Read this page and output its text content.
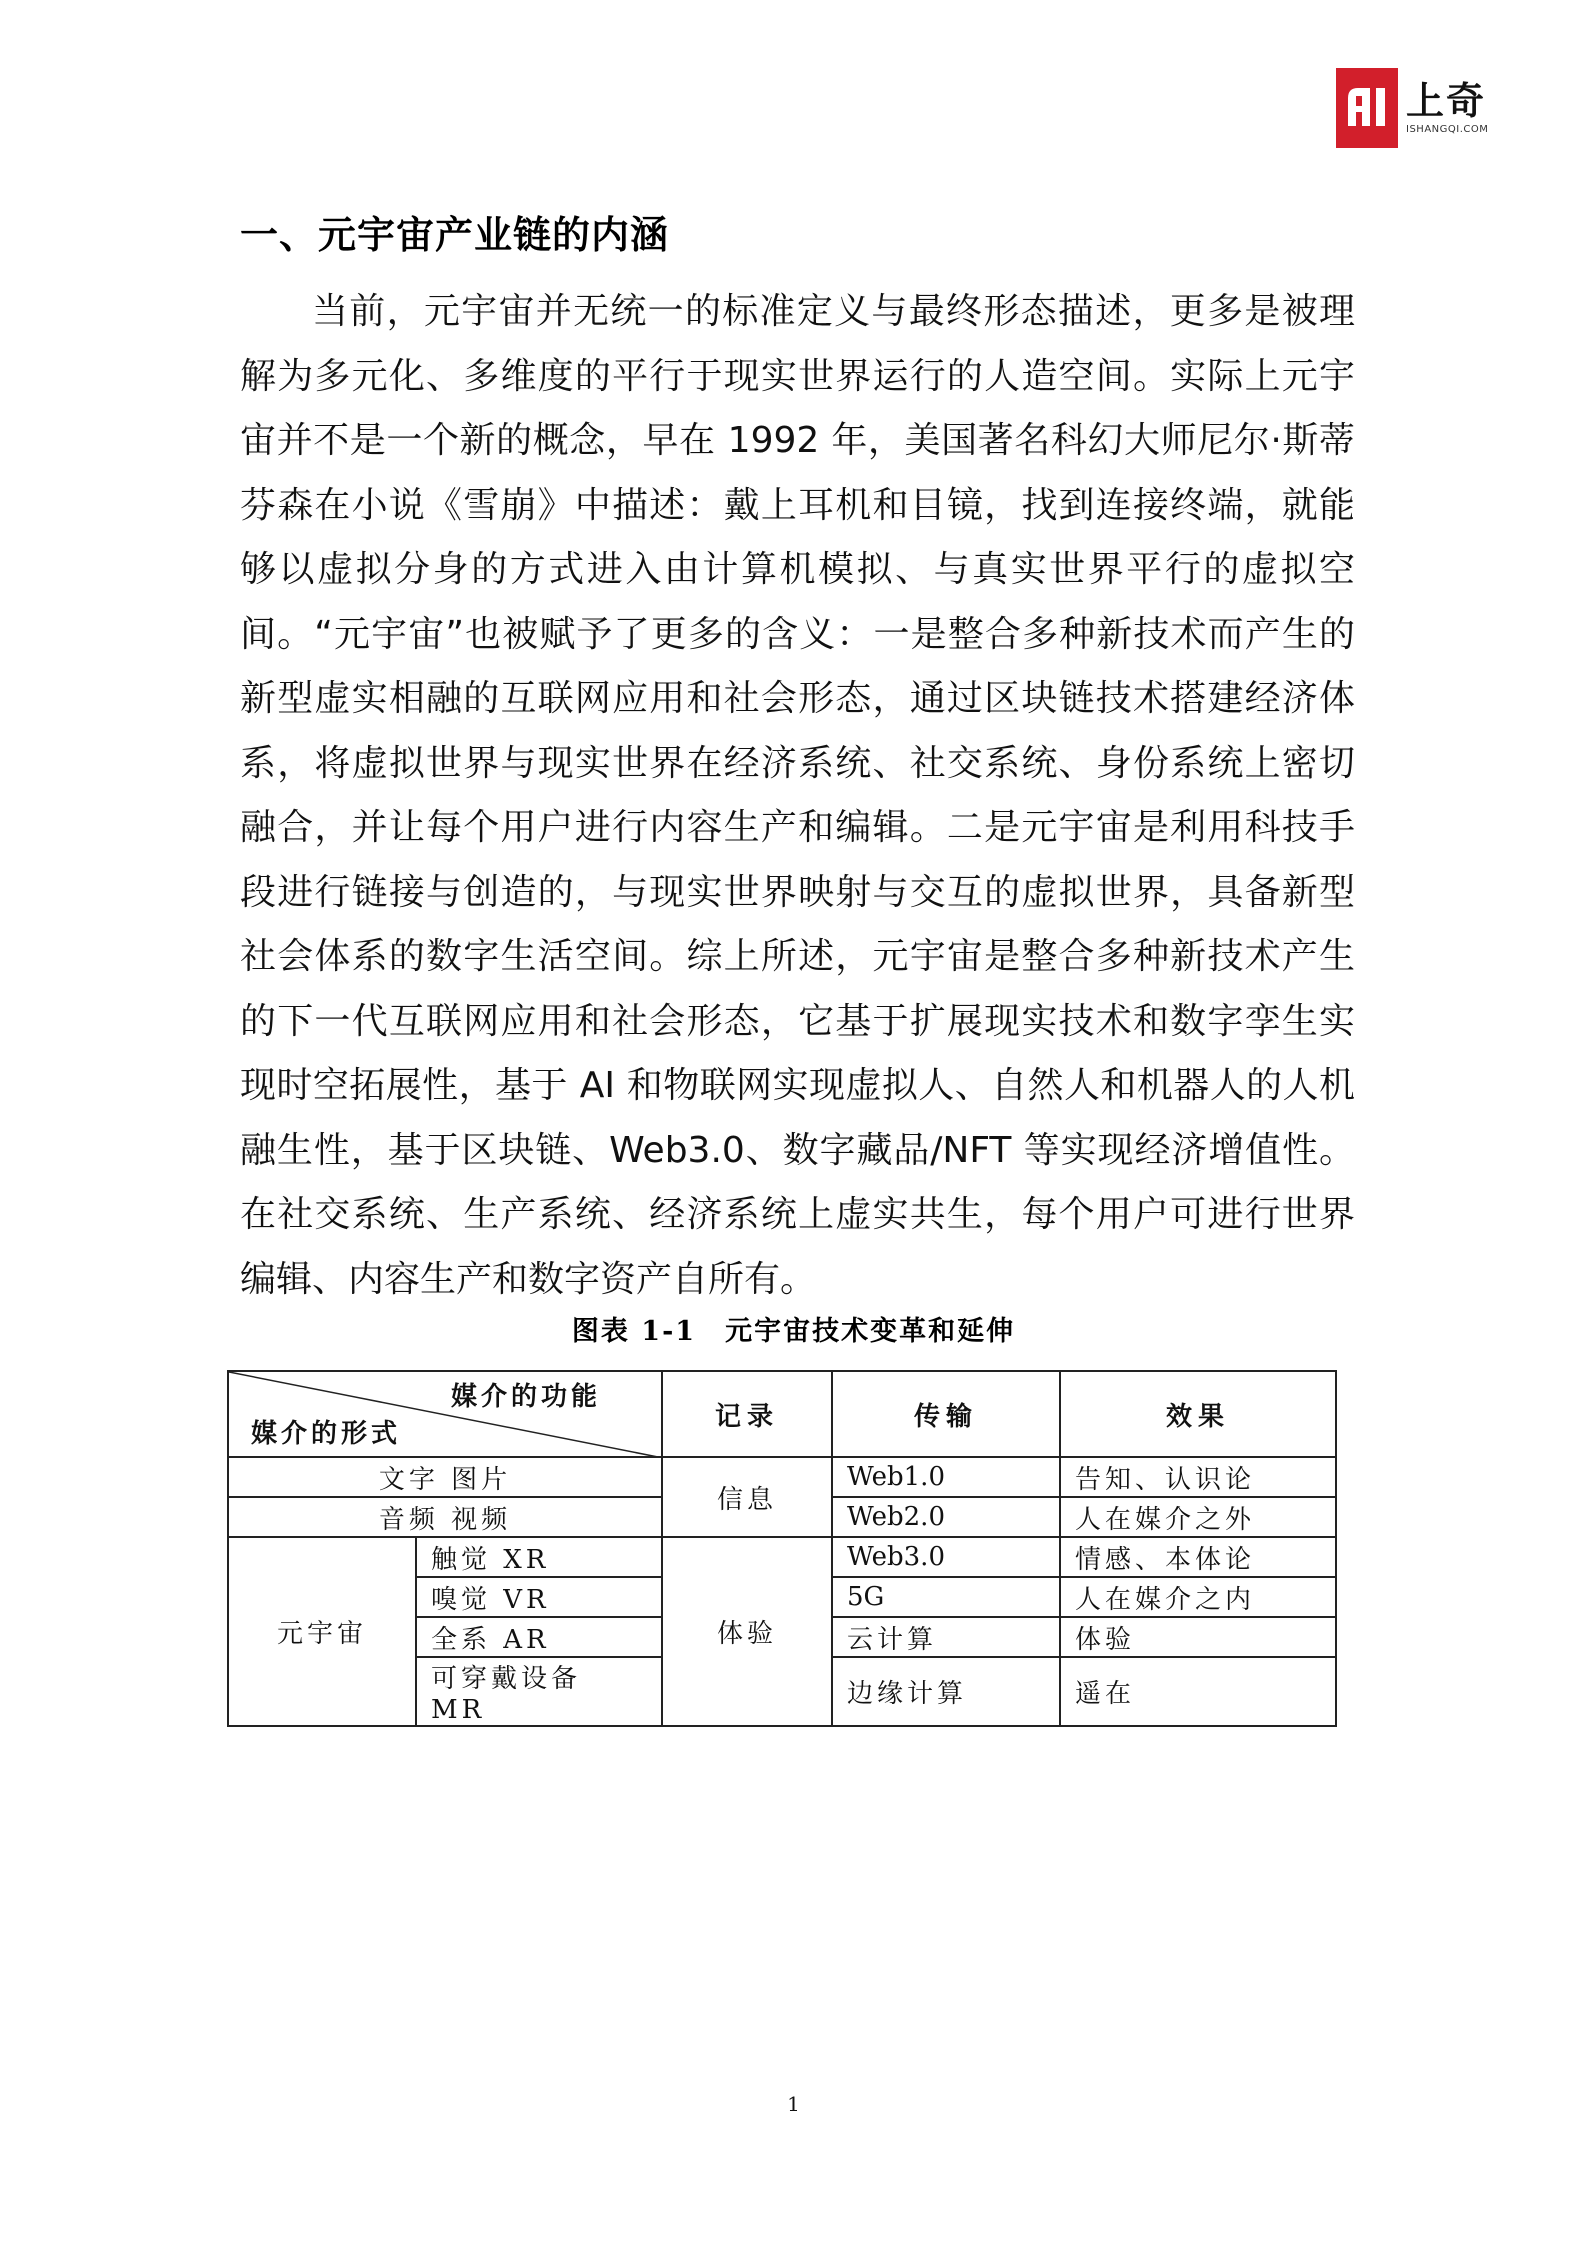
上奇
ISHANGQI.COM
一、元宇宙产业链的内涵
当前，元宇宙并无统一的标准定义与最终形态描述，更多是被理解为多元化、多维度的平行于现实世界运行的人造空间。实际上元宇宙并不是一个新的概念，早在 1992 年，美国著名科幻大师尼尔·斯蒂芬森在小说《雪崩》中描述：戴上耳机和目镜，找到连接终端，就能够以虚拟分身的方式进入由计算机模拟、与真实世界平行的虚拟空间。“元宇宙”也被赋予了更多的含义：一是整合多种新技术而产生的新型虚实相融的互联网应用和社会形态，通过区块链技术搭建经济体系，将虚拟世界与现实世界在经济系统、社交系统、身份系统上密切融合，并让每个用户进行内容生产和编辑。二是元宇宙是利用科技手段进行链接与创造的，与现实世界映射与交互的虚拟世界，具备新型社会体系的数字生活空间。综上所述，元宇宙是整合多种新技术产生的下一代互联网应用和社会形态，它基于扩展现实技术和数字孪生实现时空拓展性，基于 AI 和物联网实现虚拟人、自然人和机器人的人机融生性，基于区块链、Web3.0、数字藏品/NFT 等实现经济增值性。在社交系统、生产系统、经济系统上虚实共生，每个用户可进行世界编辑、内容生产和数字资产自所有。
图表 1-1　元宇宙技术变革和延伸
媒介的功能
媒介的形式		记录	传输	效果
文字 图片		信息	Web1.0	告知、认识论
音频 视频			Web2.0	人在媒介之外
元宇宙	触觉 XR	体验	Web3.0	情感、本体论
	嗅觉 VR		5G	人在媒介之内
	全系 AR		云计算	体验
	可穿戴设备 MR		边缘计算	遥在
1
